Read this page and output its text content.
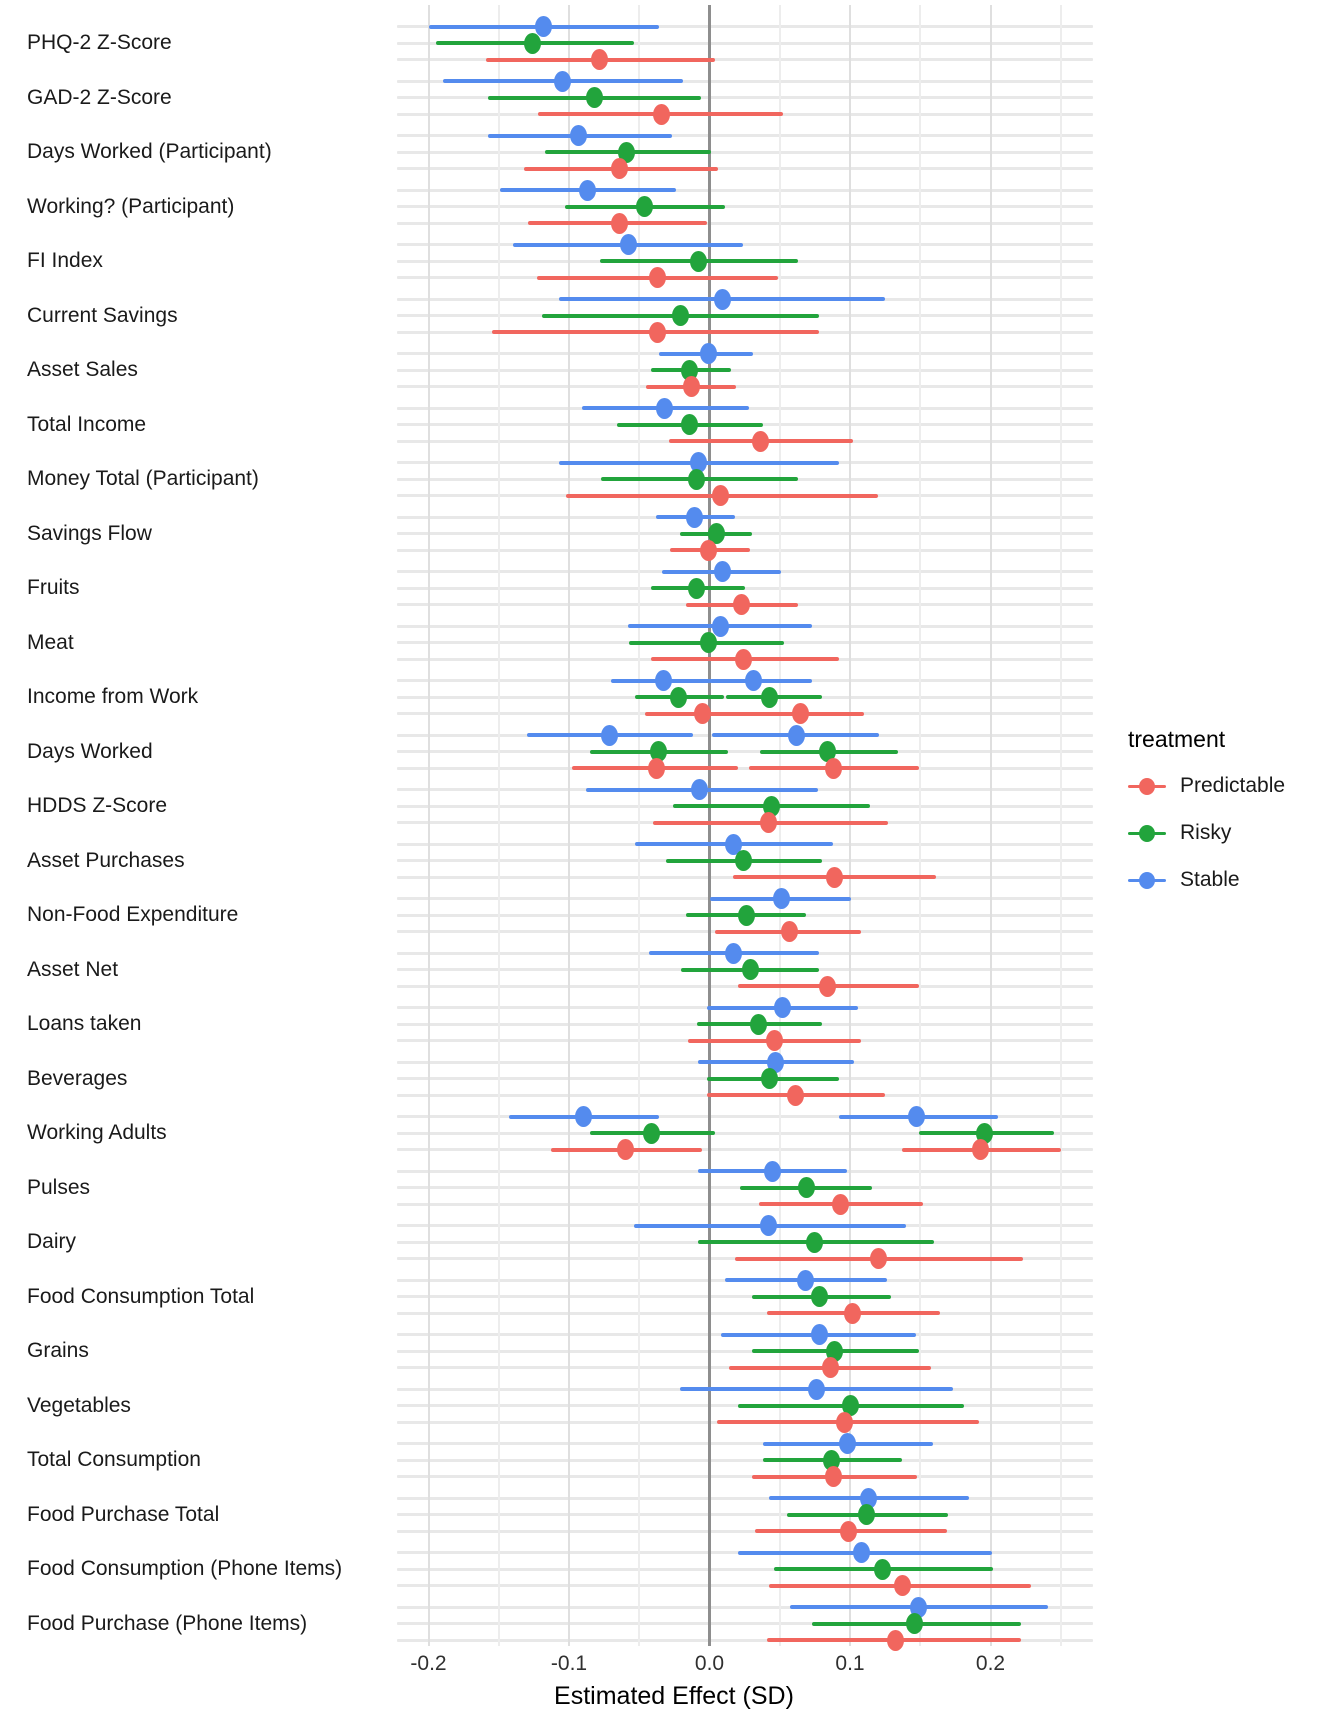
PHQ-2 Z-Score
GAD-2 Z-Score
Days Worked (Participant)
Working? (Participant)
FI Index
Current Savings
Asset Sales
Total Income
Money Total (Participant)
Savings Flow
Fruits
Meat
Income from Work
Days Worked
HDDS Z-Score
Asset Purchases
Non-Food Expenditure
Asset Net
Loans taken
Beverages
Working Adults
Pulses
Dairy
Food Consumption Total
Grains
Vegetables
Total Consumption
Food Purchase Total
Food Consumption (Phone Items)
Food Purchase (Phone Items)
-0.2	-0.1	0.0	0.1	0.2
Estimated Effect (SD)
treatment
Predictable
Risky
Stable
